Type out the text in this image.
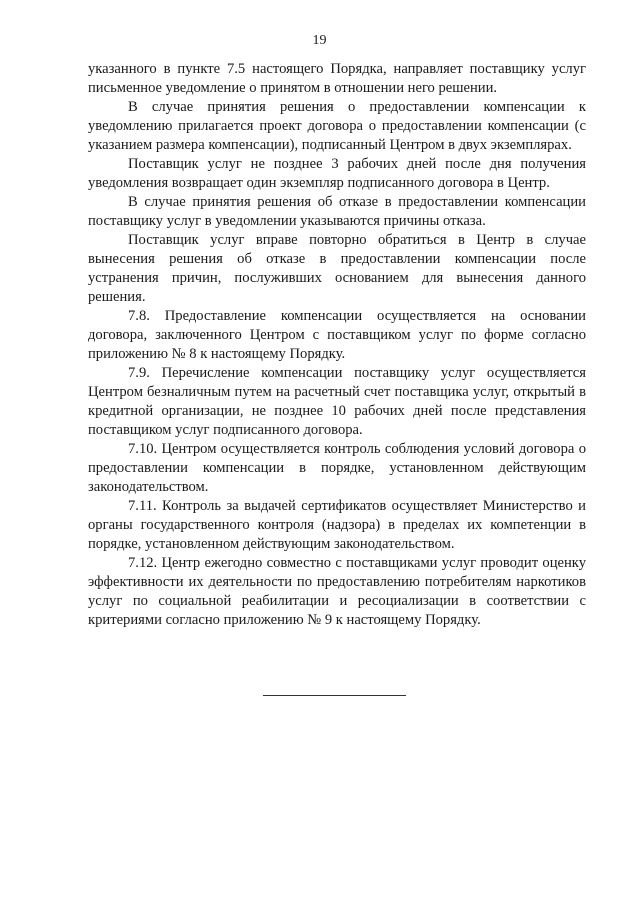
19

указанного в пункте 7.5 настоящего Порядка, направляет поставщику услуг письменное уведомление о принятом в отношении него решении.

В случае принятия решения о предоставлении компенсации к уведомлению прилагается проект договора о предоставлении компенсации (с указанием размера компенсации), подписанный Центром в двух экземплярах.

Поставщик услуг не позднее 3 рабочих дней после дня получения уведомления возвращает один экземпляр подписанного договора в Центр.

В случае принятия решения об отказе в предоставлении компенсации поставщику услуг в уведомлении указываются причины отказа.

Поставщик услуг вправе повторно обратиться в Центр в случае вынесения решения об отказе в предоставлении компенсации после устранения причин, послуживших основанием для вынесения данного решения.

7.8. Предоставление компенсации осуществляется на основании договора, заключенного Центром с поставщиком услуг по форме согласно приложению № 8 к настоящему Порядку.

7.9. Перечисление компенсации поставщику услуг осуществляется Центром безналичным путем на расчетный счет поставщика услуг, открытый в кредитной организации, не позднее 10 рабочих дней после представления поставщиком услуг подписанного договора.

7.10. Центром осуществляется контроль соблюдения условий договора о предоставлении компенсации в порядке, установленном действующим законодательством.

7.11. Контроль за выдачей сертификатов осуществляет Министерство и органы государственного контроля (надзора) в пределах их компетенции в порядке, установленном действующим законодательством.

7.12. Центр ежегодно совместно с поставщиками услуг проводит оценку эффективности их деятельности по предоставлению потребителям наркотиков услуг по социальной реабилитации и ресоциализации в соответствии с критериями согласно приложению № 9 к настоящему Порядку.
